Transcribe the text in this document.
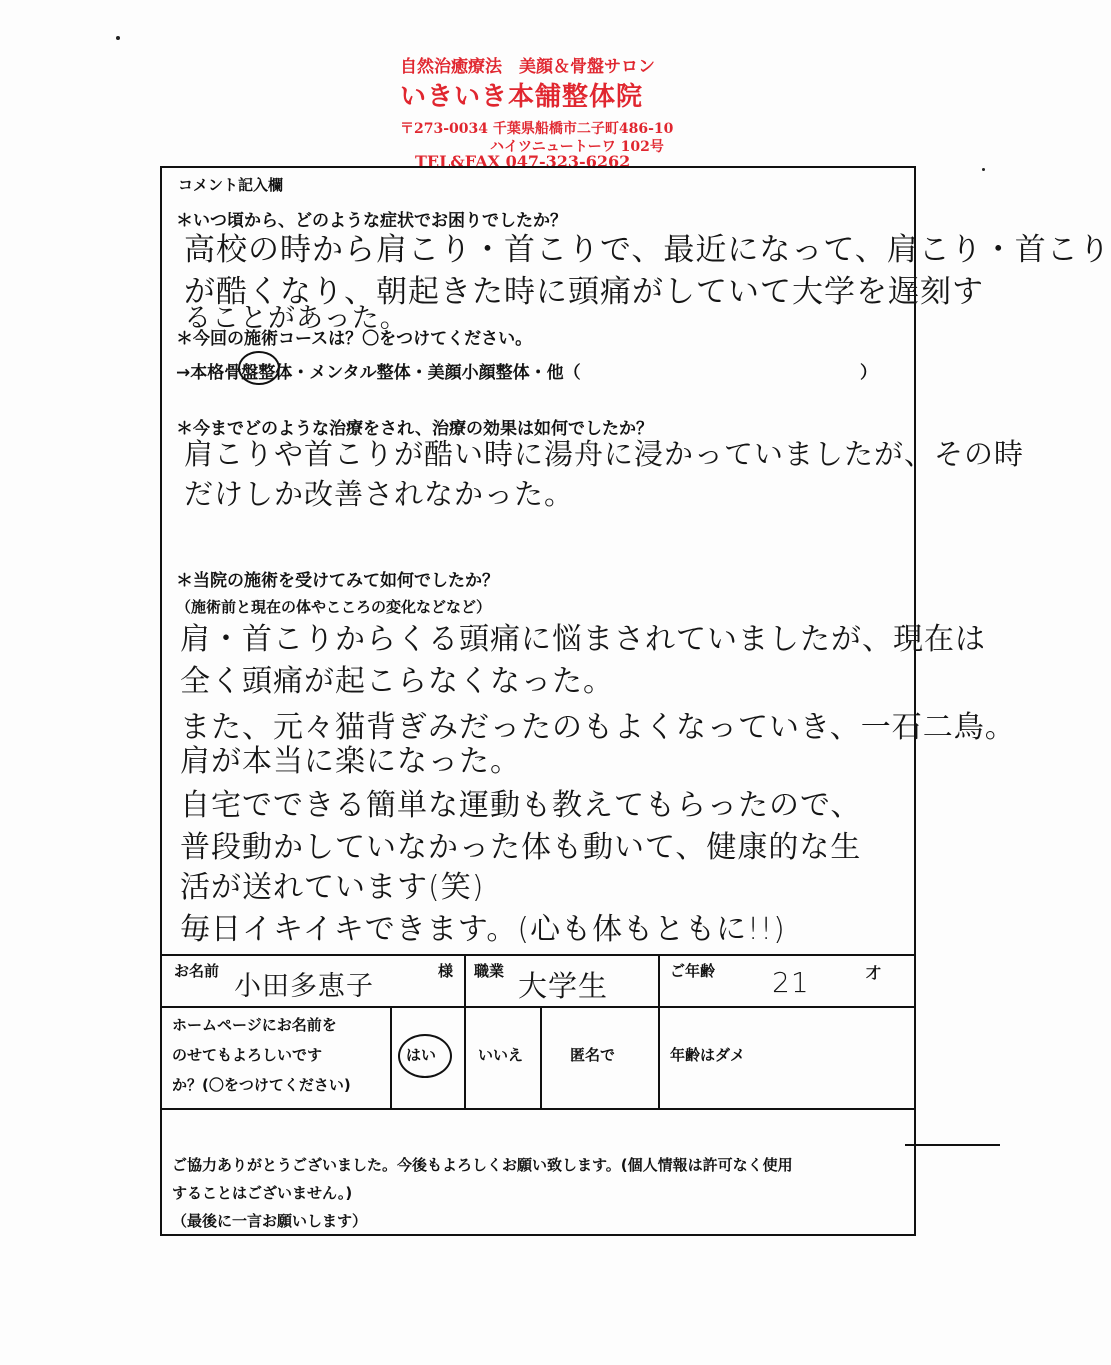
自然治癒療法　美顔＆骨盤サロン
いきいき本舗整体院
〒273-0034 千葉県船橋市二子町486-10
ハイツニュートーワ 102号
TEL&FAX 047-323-6262
コメント記入欄
＊いつ頃から、どのような症状でお困りでしたか？
高校の時から肩こり・首こりで、最近になって、肩こり・首こり
が酷くなり、朝起きた時に頭痛がしていて大学を遅刻す
ることがあった。
＊今回の施術コースは？〇をつけてください。
→本格骨盤整体・メンタル整体・美顔小顔整体・他（	）
＊今までどのような治療をされ、治療の効果は如何でしたか？
肩こりや首こりが酷い時に湯舟に浸かっていましたが、その時
だけしか改善されなかった。
＊当院の施術を受けてみて如何でしたか？
（施術前と現在の体やこころの変化などなど）
肩・首こりからくる頭痛に悩まされていましたが、現在は
全く頭痛が起こらなくなった。
また、元々猫背ぎみだったのもよくなっていき、一石二鳥。
肩が本当に楽になった。
自宅でできる簡単な運動も教えてもらったので、
普段動かしていなかった体も動いて、健康的な生
活が送れています(笑)
毎日イキイキできます。(心も体もともに!!)
お名前 小田多恵子	様 職業 大学生	ご年齢 21	才
ホームページにお名前を
のせてもよろしいです
か？(〇をつけてください)
はい	いいえ	匿名で	年齢はダメ
ご協力ありがとうございました。今後もよろしくお願い致します。(個人情報は許可なく使用
することはございません。)
（最後に一言お願いします）
